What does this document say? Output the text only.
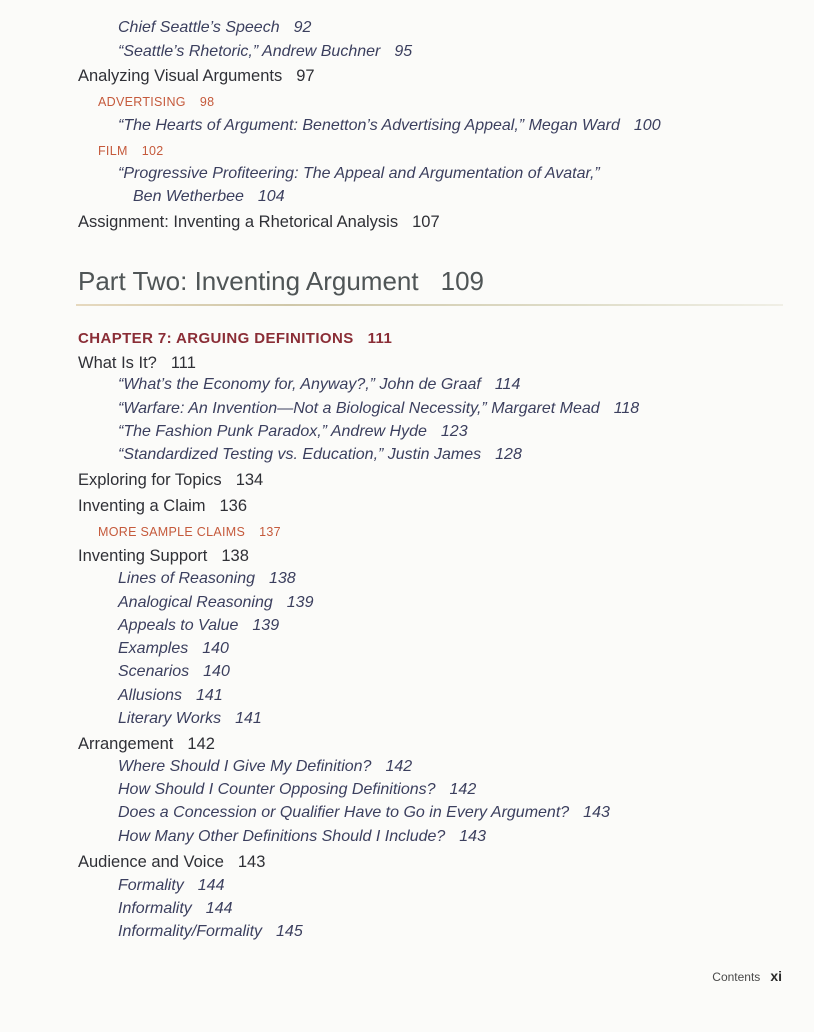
Chief Seattle’s Speech 92
“Seattle’s Rhetoric,” Andrew Buchner 95
Analyzing Visual Arguments 97
ADVERTISING 98
“The Hearts of Argument: Benetton’s Advertising Appeal,” Megan Ward 100
FILM 102
“Progressive Profiteering: The Appeal and Argumentation of Avatar,”
Ben Wetherbee 104
Assignment: Inventing a Rhetorical Analysis 107
Part Two: Inventing Argument 109
CHAPTER 7: ARGUING DEFINITIONS 111
What Is It? 111
“What’s the Economy for, Anyway?,” John de Graaf 114
“Warfare: An Invention—Not a Biological Necessity,” Margaret Mead 118
“The Fashion Punk Paradox,” Andrew Hyde 123
“Standardized Testing vs. Education,” Justin James 128
Exploring for Topics 134
Inventing a Claim 136
MORE SAMPLE CLAIMS 137
Inventing Support 138
Lines of Reasoning 138
Analogical Reasoning 139
Appeals to Value 139
Examples 140
Scenarios 140
Allusions 141
Literary Works 141
Arrangement 142
Where Should I Give My Definition? 142
How Should I Counter Opposing Definitions? 142
Does a Concession or Qualifier Have to Go in Every Argument? 143
How Many Other Definitions Should I Include? 143
Audience and Voice 143
Formality 144
Informality 144
Informality/Formality 145
Contents xi
